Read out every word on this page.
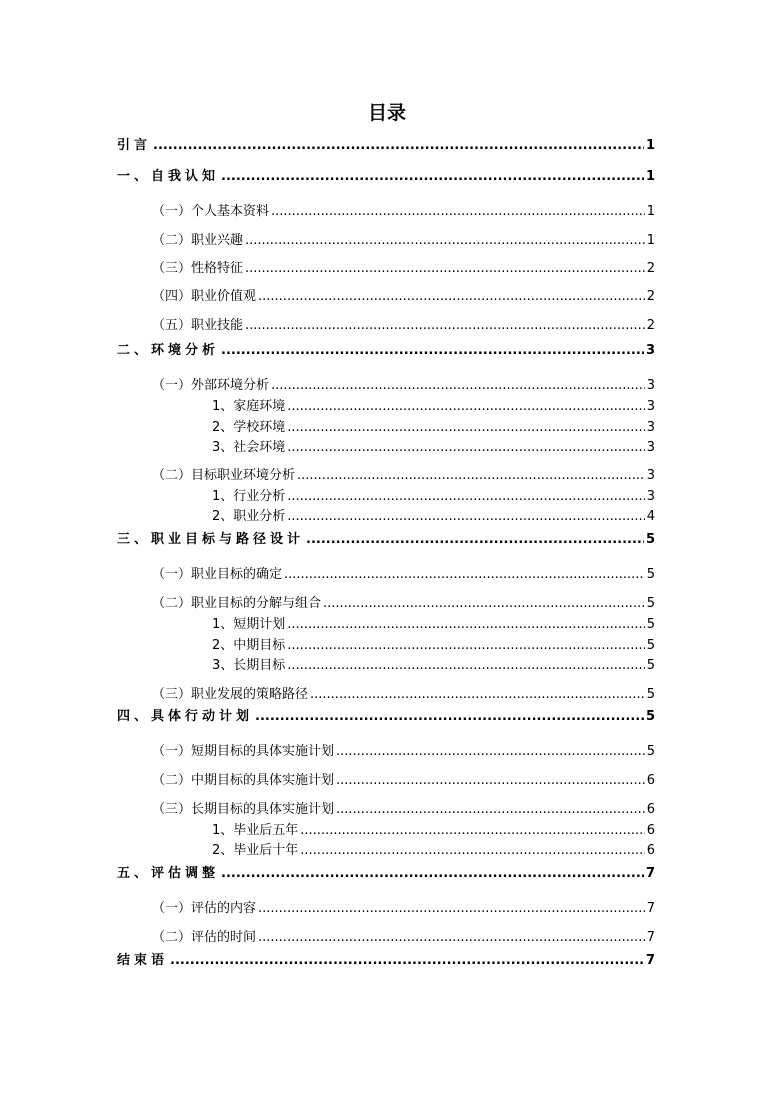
目录
引言 .....	1
一、自我认知 .....	1
（一）个人基本资料 .....	1
（二）职业兴趣 .....	1
（三）性格特征 .....	2
（四）职业价值观 .....	2
（五）职业技能 .....	2
二、环境分析 .....	3
（一）外部环境分析 .....	3
1、家庭环境 .....	3
2、学校环境 .....	3
3、社会环境 .....	3
（二）目标职业环境分析 .....	3
1、行业分析 .....	3
2、职业分析 .....	4
三、职业目标与路径设计 .....	5
（一）职业目标的确定 .....	5
（二）职业目标的分解与组合 .....	5
1、短期计划 .....	5
2、中期目标 .....	5
3、长期目标 .....	5
（三）职业发展的策略路径 .....	5
四、具体行动计划 .....	5
（一）短期目标的具体实施计划 .....	5
（二）中期目标的具体实施计划 .....	6
（三）长期目标的具体实施计划 .....	6
1、毕业后五年 .....	6
2、毕业后十年 .....	6
五、评估调整 .....	7
（一）评估的内容 .....	7
（二）评估的时间 .....	7
结束语 .....	7
